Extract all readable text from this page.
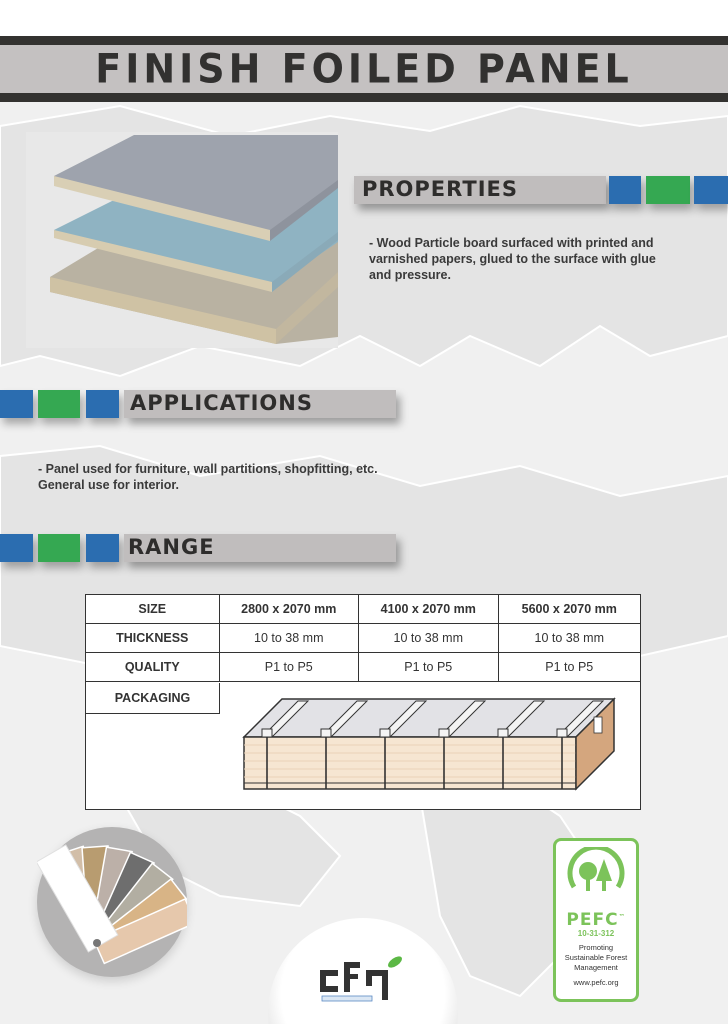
FINISH FOILED PANEL
PROPERTIES
- Wood Particle board surfaced with printed and
varnished papers, glued to the surface with glue
and pressure.
APPLICATIONS
- Panel used for furniture, wall partitions, shopfitting, etc.
General use for interior.
RANGE
SIZE	2800 x 2070 mm	4100 x 2070 mm	5600 x 2070 mm
THICKNESS	10 to 38 mm	10 to 38 mm	10 to 38 mm
QUALITY	P1 to P5	P1 to P5	P1 to P5
PACKAGING
PEFC™
10-31-312
Promoting
Sustainable Forest
Management
www.pefc.org
